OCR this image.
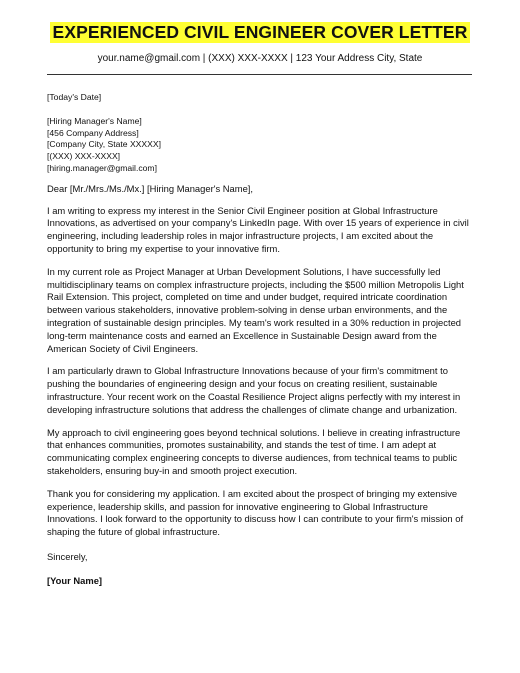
EXPERIENCED CIVIL ENGINEER COVER LETTER
your.name@gmail.com | (XXX) XXX-XXXX | 123 Your Address City, State

[Today's Date]

[Hiring Manager's Name]
[456 Company Address]
[Company City, State XXXXX]
[(XXX) XXX-XXXX]
[hiring.manager@gmail.com]

Dear [Mr./Mrs./Ms./Mx.] [Hiring Manager's Name],

I am writing to express my interest in the Senior Civil Engineer position at Global Infrastructure Innovations, as advertised on your company's LinkedIn page. With over 15 years of experience in civil engineering, including leadership roles in major infrastructure projects, I am excited about the opportunity to bring my expertise to your innovative firm.

In my current role as Project Manager at Urban Development Solutions, I have successfully led multidisciplinary teams on complex infrastructure projects, including the $500 million Metropolis Light Rail Extension. This project, completed on time and under budget, required intricate coordination between various stakeholders, innovative problem-solving in dense urban environments, and the integration of sustainable design principles. My team's work resulted in a 30% reduction in projected long-term maintenance costs and earned an Excellence in Sustainable Design award from the American Society of Civil Engineers.

I am particularly drawn to Global Infrastructure Innovations because of your firm's commitment to pushing the boundaries of engineering design and your focus on creating resilient, sustainable infrastructure. Your recent work on the Coastal Resilience Project aligns perfectly with my interest in developing infrastructure solutions that address the challenges of climate change and urbanization.

My approach to civil engineering goes beyond technical solutions. I believe in creating infrastructure that enhances communities, promotes sustainability, and stands the test of time. I am adept at communicating complex engineering concepts to diverse audiences, from technical teams to public stakeholders, ensuring buy-in and smooth project execution.

Thank you for considering my application. I am excited about the prospect of bringing my extensive experience, leadership skills, and passion for innovative engineering to Global Infrastructure Innovations. I look forward to the opportunity to discuss how I can contribute to your firm's mission of shaping the future of global infrastructure.

Sincerely,

[Your Name]
